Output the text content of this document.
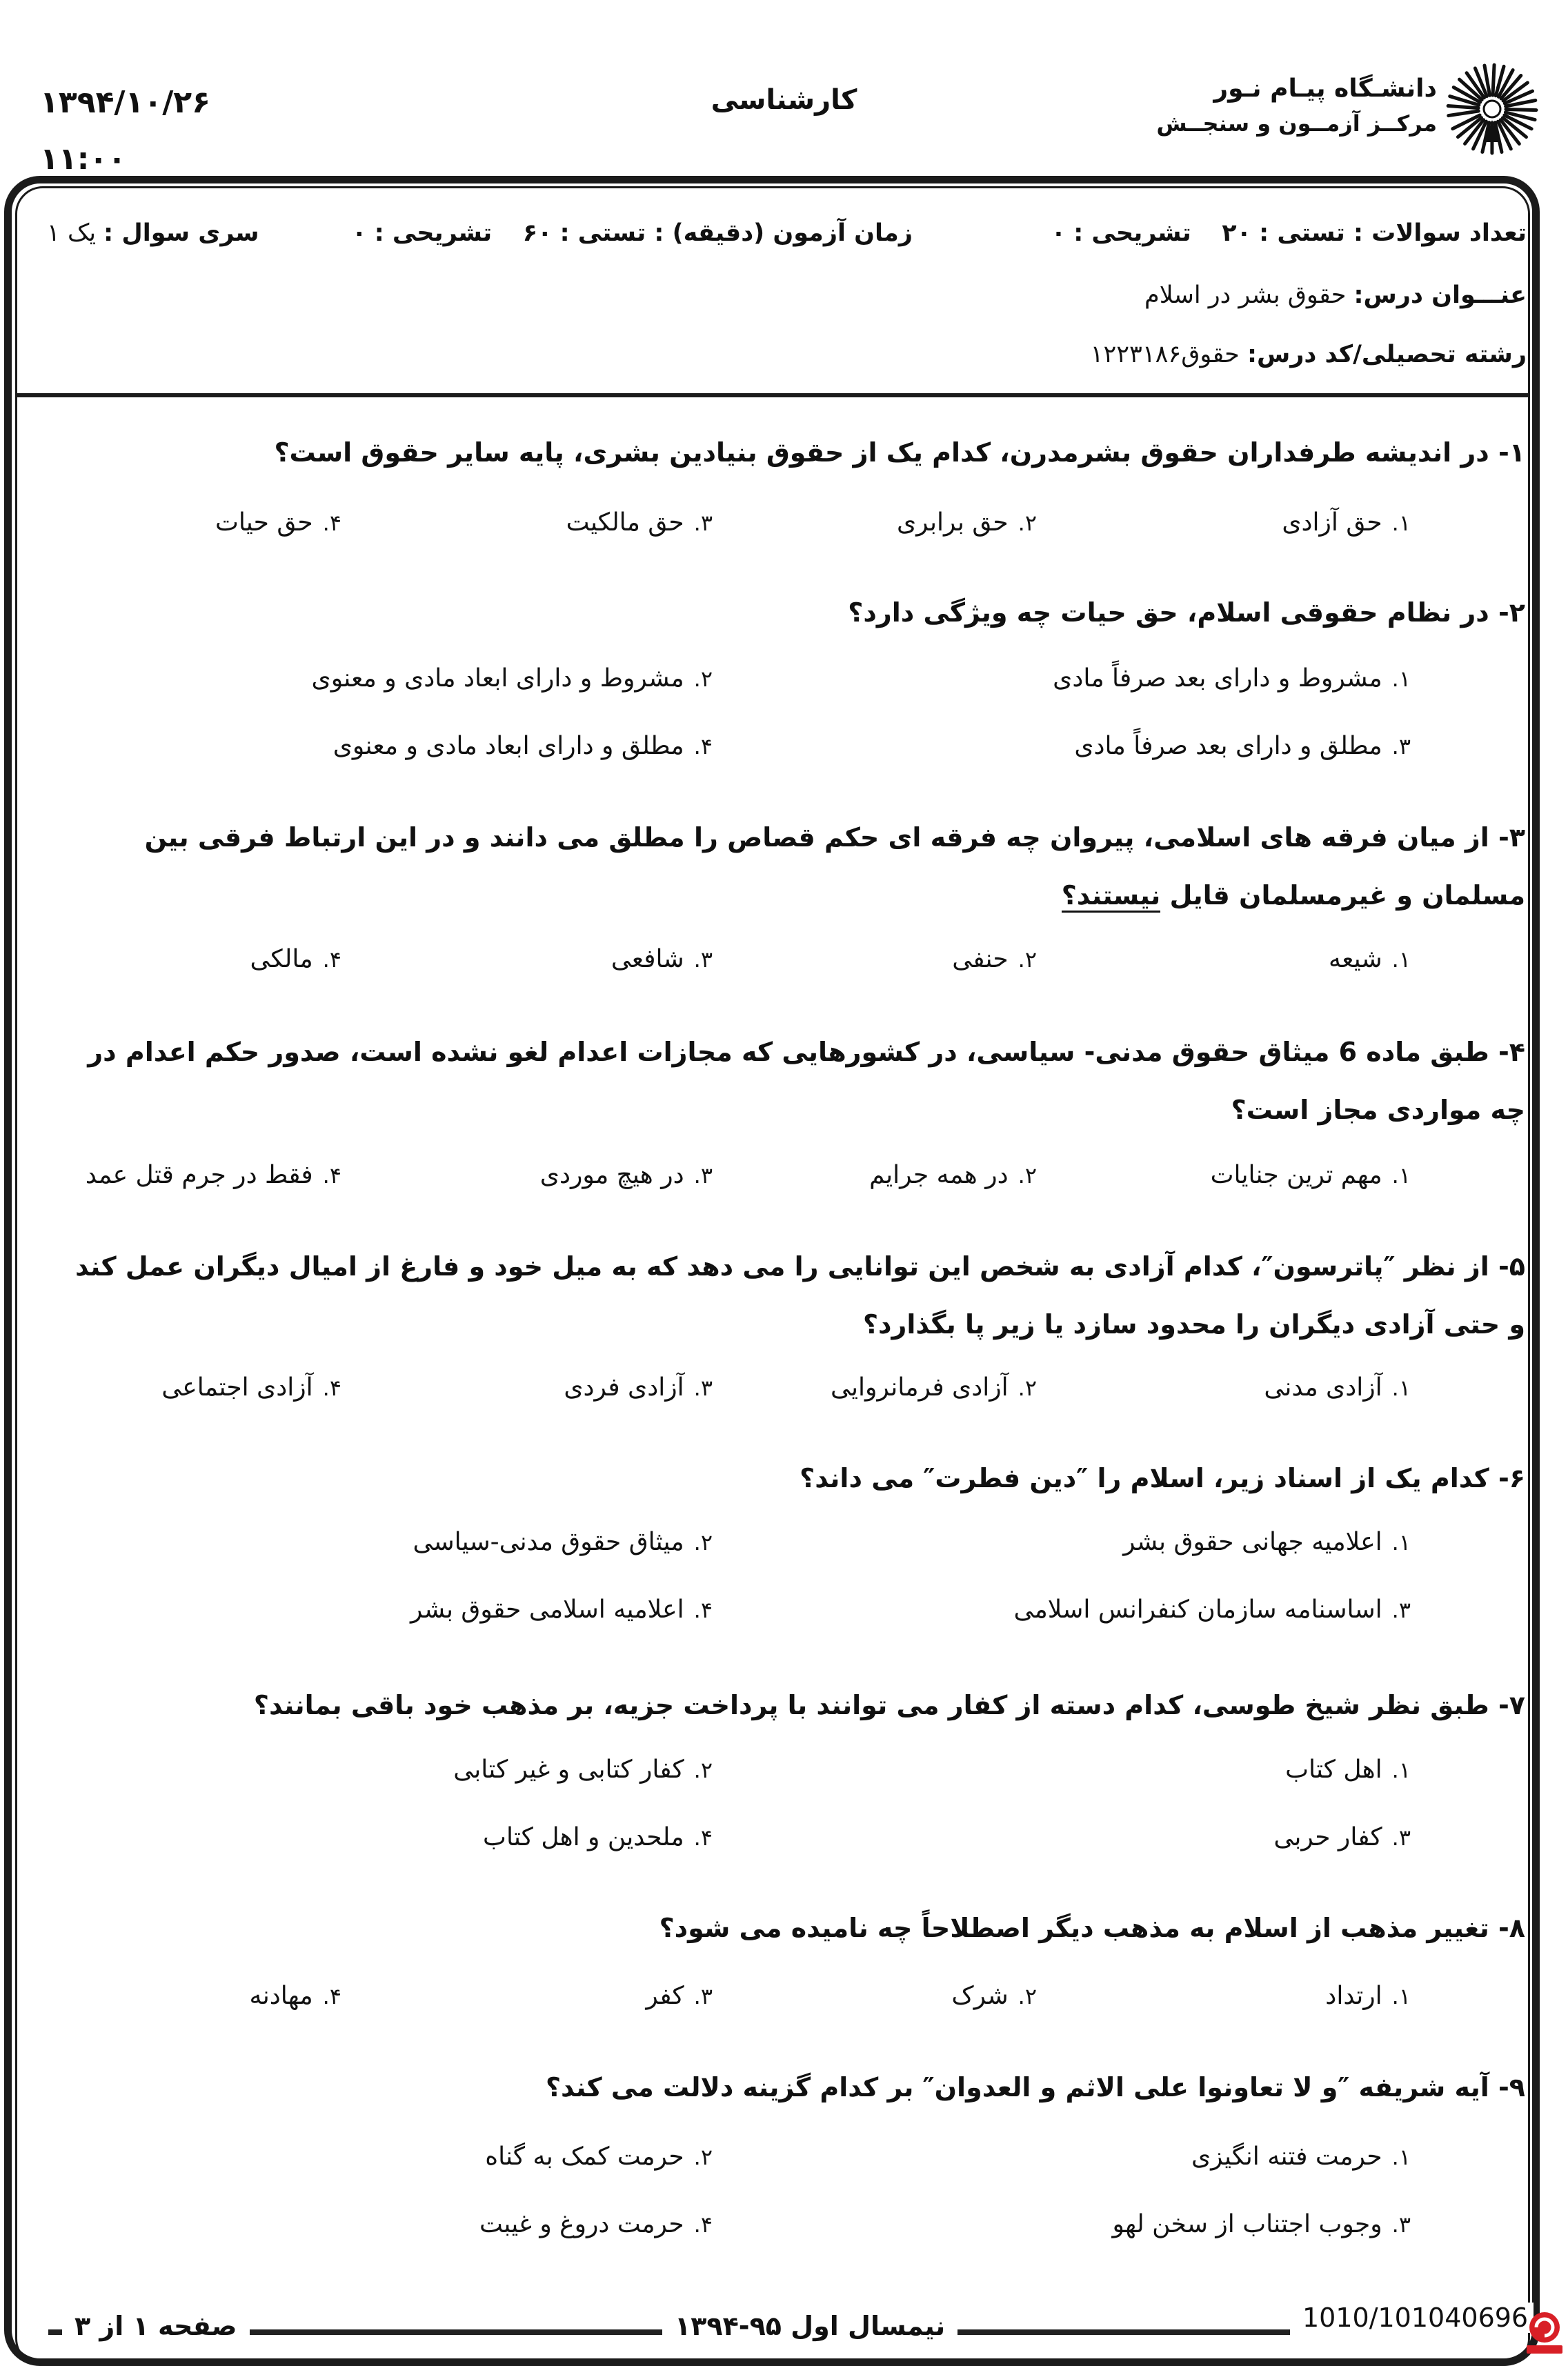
۱۳۹۴/۱۰/۲۶
۱۱:۰۰
کارشناسی	دانشـگاه پیـام نـور
مرکــز آزمــون و سنجــش
تعداد سوالات : تستی : ۲۰    تشریحی : ۰
زمان آزمون (دقیقه) : تستی : ۶۰    تشریحی : ۰
سری سوال : یک ۱
عنـــوان درس: حقوق بشر در اسلام
رشته تحصیلی/کد درس: حقوق۱۲۲۳۱۸۶
۱- در اندیشه طرفداران حقوق بشرمدرن، کدام یک از حقوق بنیادین بشری، پایه سایر حقوق است؟
۱.حق آزادی
۲.حق برابری
۳.حق مالکیت
۴.حق حیات
۲- در نظام حقوقی اسلام، حق حیات چه ویژگی دارد؟
۱.مشروط و دارای بعد صرفاً مادی
۲.مشروط و دارای ابعاد مادی و معنوی
۳.مطلق و دارای بعد صرفاً مادی
۴.مطلق و دارای ابعاد مادی و معنوی
۳- از میان فرقه های اسلامی، پیروان چه فرقه ای حکم قصاص را مطلق می دانند و در این ارتباط فرقی بین مسلمان و غیرمسلمان قایل نیستند؟
۱.شیعه
۲.حنفی
۳.شافعی
۴.مالکی
۴- طبق ماده 6 میثاق حقوق مدنی- سیاسی، در کشورهایی که مجازات اعدام لغو نشده است، صدور حکم اعدام در چه مواردی مجاز است؟
۱.مهم ترین جنایات
۲.در همه جرایم
۳.در هیچ موردی
۴.فقط در جرم قتل عمد
۵- از نظر ″پاترسون″، کدام آزادی به شخص این توانایی را می دهد که به میل خود و فارغ از امیال دیگران عمل کند و حتی آزادی دیگران را محدود سازد یا زیر پا بگذارد؟
۱.آزادی مدنی
۲.آزادی فرمانروایی
۳.آزادی فردی
۴.آزادی اجتماعی
۶- کدام یک از اسناد زیر، اسلام را ″دین فطرت″ می داند؟
۱.اعلامیه جهانی حقوق بشر
۲.میثاق حقوق مدنی-سیاسی
۳.اساسنامه سازمان کنفرانس اسلامی
۴.اعلامیه اسلامی حقوق بشر
۷- طبق نظر شیخ طوسی، کدام دسته از کفار می توانند با پرداخت جزیه، بر مذهب خود باقی بمانند؟
۱.اهل کتاب
۲.کفار کتابی و غیر کتابی
۳.کفار حربی
۴.ملحدین و اهل کتاب
۸- تغییر مذهب از اسلام به مذهب دیگر اصطلاحاً چه نامیده می شود؟
۱.ارتداد
۲.شرک
۳.کفر
۴.مهادنه
۹- آیه شریفه ″و لا تعاونوا علی الاثم و العدوان″ بر کدام گزینه دلالت می کند؟
۱.حرمت فتنه انگیزی
۲.حرمت کمک به گناه
۳.وجوب اجتناب از سخن لهو
۴.حرمت دروغ و غیبت
صفحه ۱ از ۳	نیمسال اول ۹۵-۱۳۹۴	1010/101040696
